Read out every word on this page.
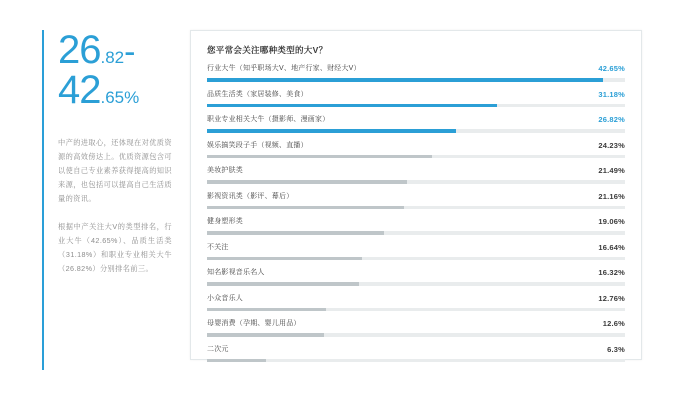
26.82-
42.65%
中产的进取心，还体现在对优质资源的高效傍达上。优质资源包含可以使自己专业素养获得提高的知识来源，也包括可以提高自己生活质量的资讯。
根据中产关注大V的类型排名，行业大牛（42.65%）、品质生活类（31.18%）和职业专业相关大牛（26.82%）分别排名前三。
您平常会关注哪种类型的大V？
行业大牛（知乎职场大V、地产行家、财经大V）	42.65%
品质生活类（家居装修、美食）	31.18%
职业专业相关大牛（摄影师、漫画家）	26.82%
娱乐搞笑段子手（视频、直播）	24.23%
美妆护肤类	21.49%
影视资讯类（影评、幕后）	21.16%
健身塑形类	19.06%
不关注	16.64%
知名影视音乐名人	16.32%
小众音乐人	12.76%
母婴消费（孕期、婴儿用品）	12.6%
二次元	6.3%
